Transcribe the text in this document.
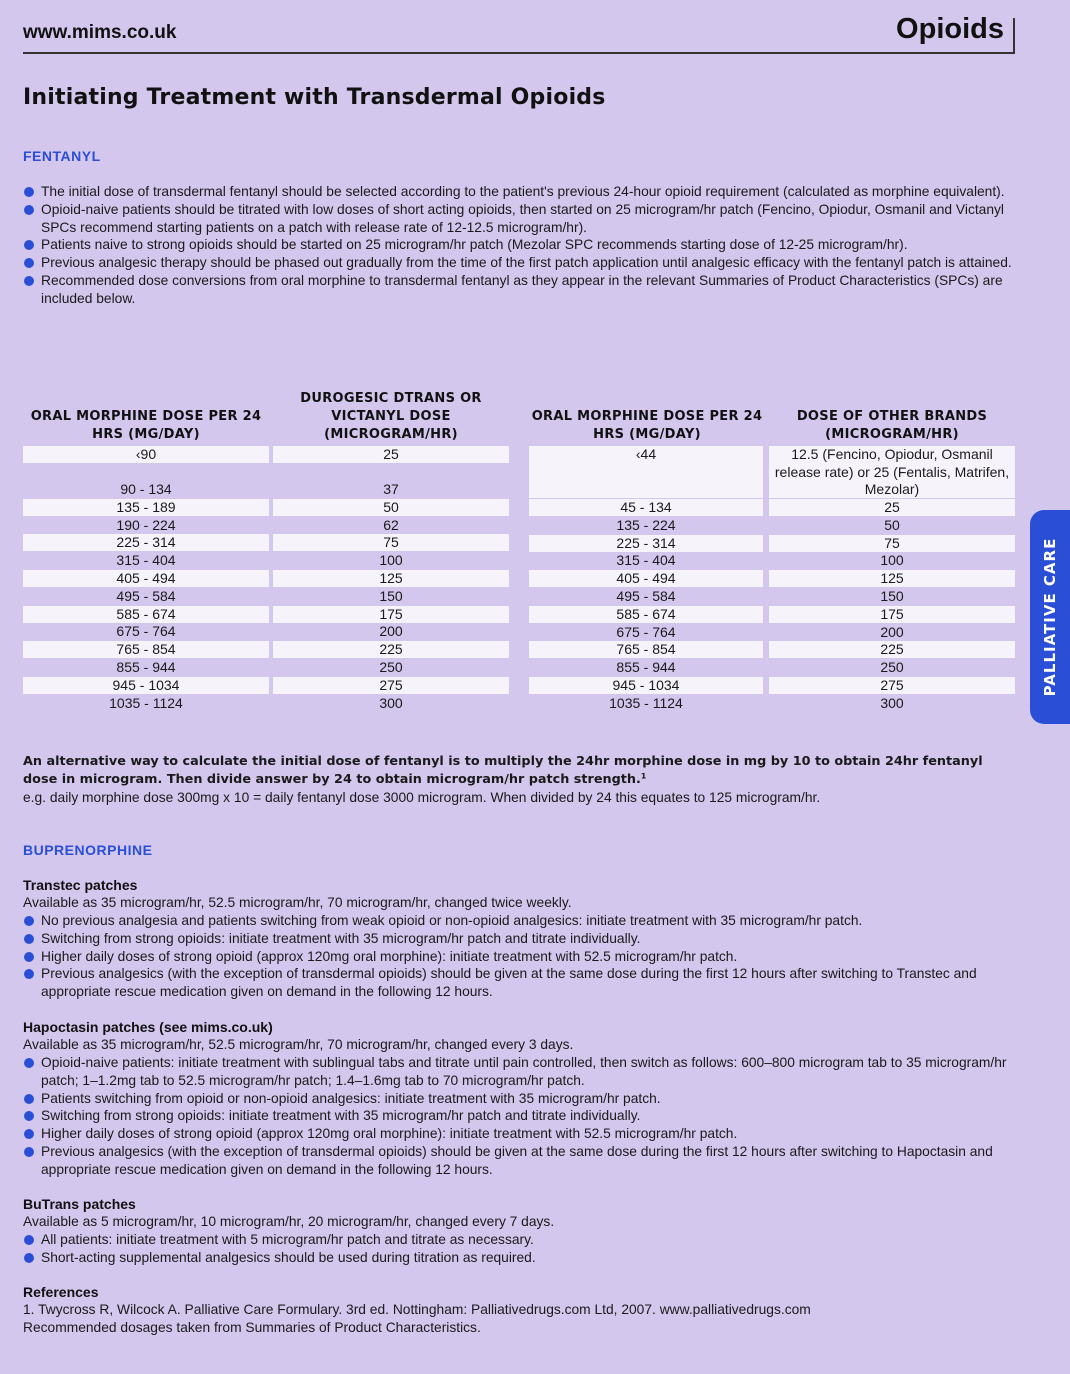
www.mims.co.uk	Opioids
Initiating Treatment with Transdermal Opioids
FENTANYL
The initial dose of transdermal fentanyl should be selected according to the patient's previous 24-hour opioid requirement (calculated as morphine equivalent).
Opioid-naive patients should be titrated with low doses of short acting opioids, then started on 25 microgram/hr patch (Fencino, Opiodur, Osmanil and Victanyl SPCs recommend starting patients on a patch with release rate of 12-12.5 microgram/hr).
Patients naive to strong opioids should be started on 25 microgram/hr patch (Mezolar SPC recommends starting dose of 12-25 microgram/hr).
Previous analgesic therapy should be phased out gradually from the time of the first patch application until analgesic efficacy with the fentanyl patch is attained.
Recommended dose conversions from oral morphine to transdermal fentanyl as they appear in the relevant Summaries of Product Characteristics (SPCs) are included below.
ORAL MORPHINE DOSE PER 24 HRS (MG/DAY)
DUROGESIC DTRANS OR VICTANYL DOSE (MICROGRAM/HR)
‹90	25
90 - 134	37
135 - 189	50
190 - 224	62
225 - 314	75
315 - 404	100
405 - 494	125
495 - 584	150
585 - 674	175
675 - 764	200
765 - 854	225
855 - 944	250
945 - 1034	275
1035 - 1124	300
ORAL MORPHINE DOSE PER 24 HRS (MG/DAY)
DOSE OF OTHER BRANDS (MICROGRAM/HR)
‹44	12.5 (Fencino, Opiodur, Osmanil release rate) or 25 (Fentalis, Matrifen, Mezolar)
45 - 134	25
135 - 224	50
225 - 314	75
315 - 404	100
405 - 494	125
495 - 584	150
585 - 674	175
675 - 764	200
765 - 854	225
855 - 944	250
945 - 1034	275
1035 - 1124	300
An alternative way to calculate the initial dose of fentanyl is to multiply the 24hr morphine dose in mg by 10 to obtain 24hr fentanyl dose in microgram. Then divide answer by 24 to obtain microgram/hr patch strength.¹
e.g. daily morphine dose 300mg x 10 = daily fentanyl dose 3000 microgram. When divided by 24 this equates to 125 microgram/hr.
BUPRENORPHINE
Transtec patches
Available as 35 microgram/hr, 52.5 microgram/hr, 70 microgram/hr, changed twice weekly.
No previous analgesia and patients switching from weak opioid or non-opioid analgesics: initiate treatment with 35 microgram/hr patch.
Switching from strong opioids: initiate treatment with 35 microgram/hr patch and titrate individually.
Higher daily doses of strong opioid (approx 120mg oral morphine): initiate treatment with 52.5 microgram/hr patch.
Previous analgesics (with the exception of transdermal opioids) should be given at the same dose during the first 12 hours after switching to Transtec and appropriate rescue medication given on demand in the following 12 hours.
Hapoctasin patches (see mims.co.uk)
Available as 35 microgram/hr, 52.5 microgram/hr, 70 microgram/hr, changed every 3 days.
Opioid-naive patients: initiate treatment with sublingual tabs and titrate until pain controlled, then switch as follows: 600–800 microgram tab to 35 microgram/hr patch; 1–1.2mg tab to 52.5 microgram/hr patch; 1.4–1.6mg tab to 70 microgram/hr patch.
Patients switching from opioid or non-opioid analgesics: initiate treatment with 35 microgram/hr patch.
Switching from strong opioids: initiate treatment with 35 microgram/hr patch and titrate individually.
Higher daily doses of strong opioid (approx 120mg oral morphine): initiate treatment with 52.5 microgram/hr patch.
Previous analgesics (with the exception of transdermal opioids) should be given at the same dose during the first 12 hours after switching to Hapoctasin and appropriate rescue medication given on demand in the following 12 hours.
BuTrans patches
Available as 5 microgram/hr, 10 microgram/hr, 20 microgram/hr, changed every 7 days.
All patients: initiate treatment with 5 microgram/hr patch and titrate as necessary.
Short-acting supplemental analgesics should be used during titration as required.
References
1. Twycross R, Wilcock A. Palliative Care Formulary. 3rd ed. Nottingham: Palliativedrugs.com Ltd, 2007. www.palliativedrugs.com
Recommended dosages taken from Summaries of Product Characteristics.
PALLIATIVE CARE
